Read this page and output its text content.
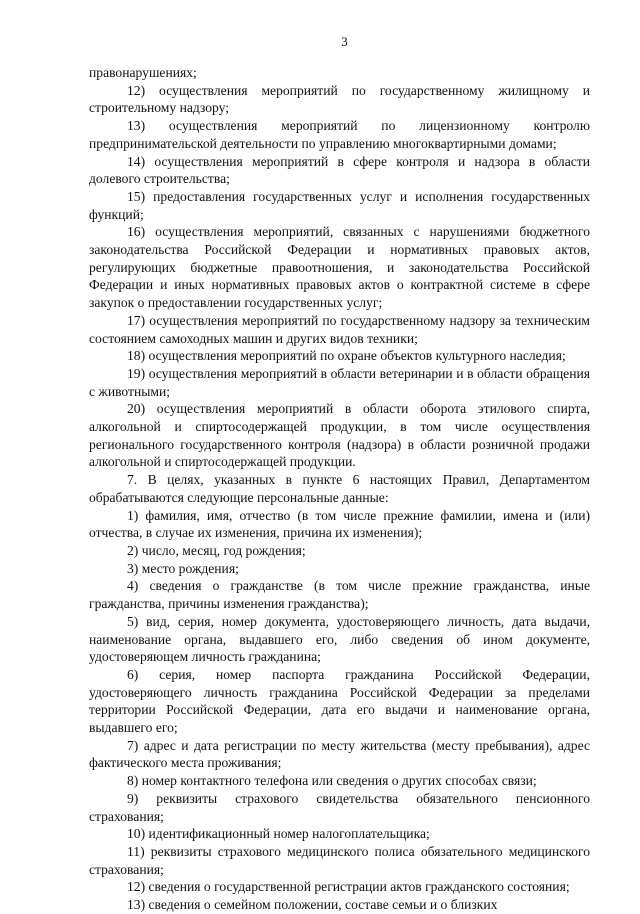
3

правонарушениях;

12) осуществления мероприятий по государственному жилищному и строительному надзору;

13) осуществления мероприятий по лицензионному контролю предпринимательской деятельности по управлению многоквартирными домами;

14) осуществления мероприятий в сфере контроля и надзора в области долевого строительства;

15) предоставления государственных услуг и исполнения государственных функций;

16) осуществления мероприятий, связанных с нарушениями бюджетного законодательства Российской Федерации и нормативных правовых актов, регулирующих бюджетные правоотношения, и законодательства Российской Федерации и иных нормативных правовых актов о контрактной системе в сфере закупок о предоставлении государственных услуг;

17) осуществления мероприятий по государственному надзору за техническим состоянием самоходных машин и других видов техники;

18) осуществления мероприятий по охране объектов культурного наследия;

19) осуществления мероприятий в области ветеринарии и в области обращения с животными;

20) осуществления мероприятий в области оборота этилового спирта, алкогольной и спиртосодержащей продукции, в том числе осуществления регионального государственного контроля (надзора) в области розничной продажи алкогольной и спиртосодержащей продукции.

7. В целях, указанных в пункте 6 настоящих Правил, Департаментом обрабатываются следующие персональные данные:

1) фамилия, имя, отчество (в том числе прежние фамилии, имена и (или) отчества, в случае их изменения, причина их изменения);

2) число, месяц, год рождения;

3) место рождения;

4) сведения о гражданстве (в том числе прежние гражданства, иные гражданства, причины изменения гражданства);

5) вид, серия, номер документа, удостоверяющего личность, дата выдачи, наименование органа, выдавшего его, либо сведения об ином документе, удостоверяющем личность гражданина;

6) серия, номер паспорта гражданина Российской Федерации, удостоверяющего личность гражданина Российской Федерации за пределами территории Российской Федерации, дата его выдачи и наименование органа, выдавшего его;

7) адрес и дата регистрации по месту жительства (месту пребывания), адрес фактического места проживания;

8) номер контактного телефона или сведения о других способах связи;

9) реквизиты страхового свидетельства обязательного пенсионного страхования;

10) идентификационный номер налогоплательщика;

11) реквизиты страхового медицинского полиса обязательного медицинского страхования;

12) сведения о государственной регистрации актов гражданского состояния;

13) сведения о семейном положении, составе семьи и о близких
